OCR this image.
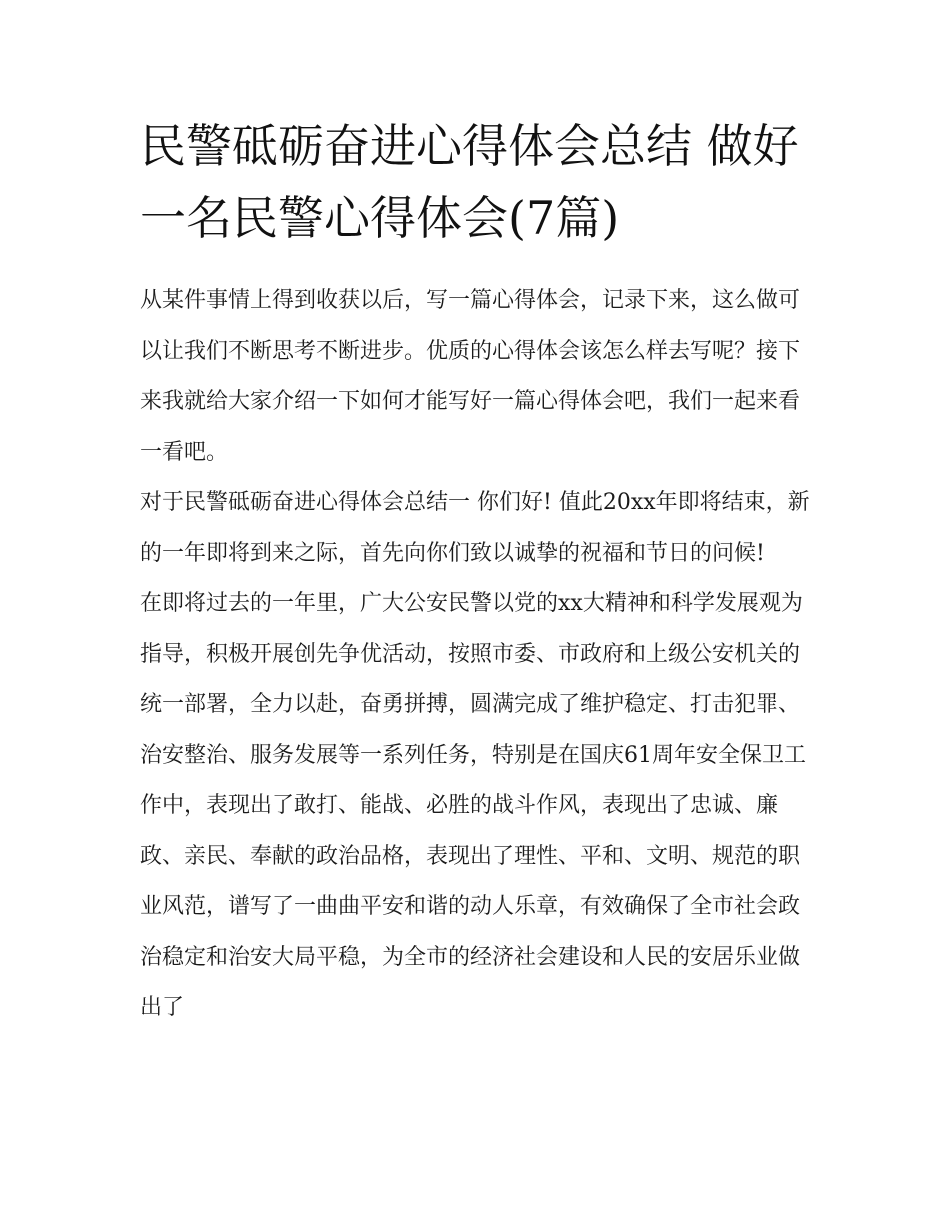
民警砥砺奋进心得体会总结 做好一名民警心得体会(7篇)

从某件事情上得到收获以后，写一篇心得体会，记录下来，这么做可以让我们不断思考不断进步。优质的心得体会该怎么样去写呢？接下来我就给大家介绍一下如何才能写好一篇心得体会吧，我们一起来看一看吧。

对于民警砥砺奋进心得体会总结一 你们好! 值此20xx年即将结束，新的一年即将到来之际，首先向你们致以诚挚的祝福和节日的问候!

在即将过去的一年里，广大公安民警以党的xx大精神和科学发展观为指导，积极开展创先争优活动，按照市委、市政府和上级公安机关的统一部署，全力以赴，奋勇拼搏，圆满完成了维护稳定、打击犯罪、治安整治、服务发展等一系列任务，特别是在国庆61周年安全保卫工作中，表现出了敢打、能战、必胜的战斗作风，表现出了忠诚、廉政、亲民、奉献的政治品格，表现出了理性、平和、文明、规范的职业风范，谱写了一曲曲平安和谐的动人乐章，有效确保了全市社会政治稳定和治安大局平稳，为全市的经济社会建设和人民的安居乐业做出了
